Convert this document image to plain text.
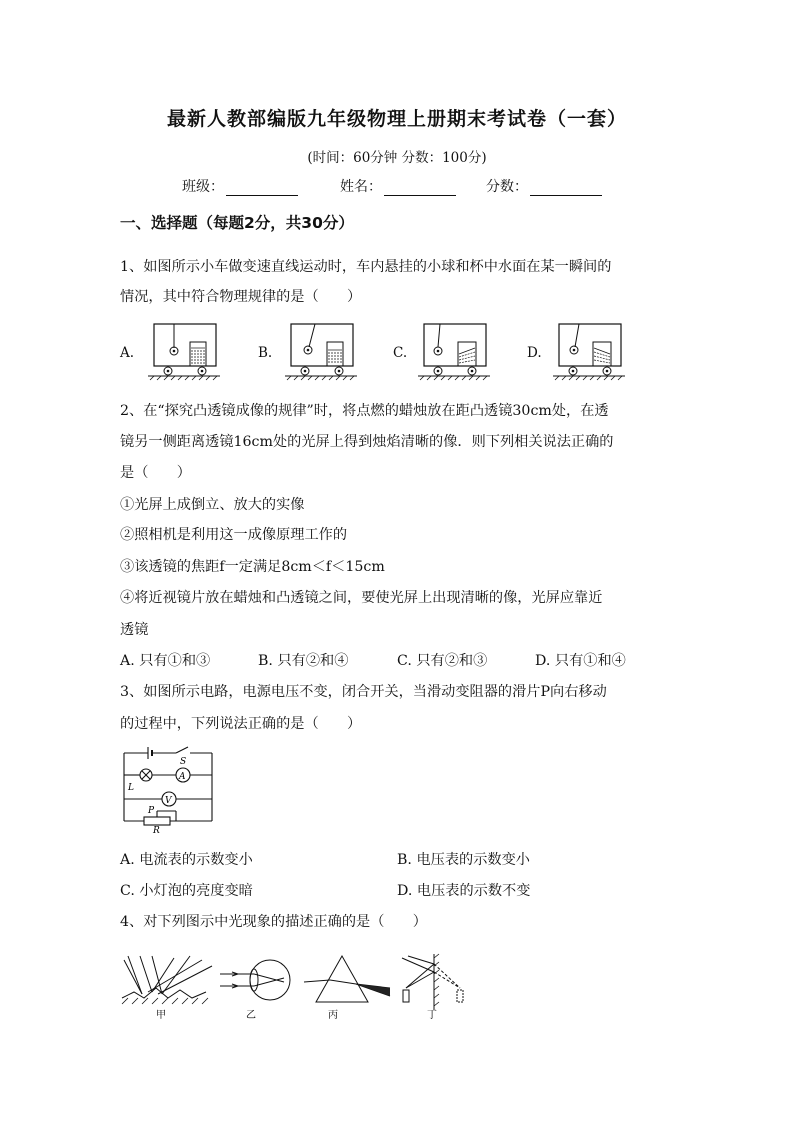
最新人教部编版九年级物理上册期末考试卷（一套）
(时间：60分钟 分数：100分)
班级：	姓名：	分数：
一、选择题（每题2分，共30分）
1、如图所示小车做变速直线运动时，车内悬挂的小球和杯中水面在某一瞬间的
情况，其中符合物理规律的是（　　）
A.	B.	C.	D.
2、在“探究凸透镜成像的规律”时，将点燃的蜡烛放在距凸透镜30cm处，在透
镜另一侧距离透镜16cm处的光屏上得到烛焰清晰的像．则下列相关说法正确的
是（　　）
①光屏上成倒立、放大的实像
②照相机是利用这一成像原理工作的
③该透镜的焦距f一定满足8cm＜f＜15cm
④将近视镜片放在蜡烛和凸透镜之间，要使光屏上出现清晰的像，光屏应靠近
透镜
A. 只有①和③	B. 只有②和④	C. 只有②和③	D. 只有①和④
3、如图所示电路，电源电压不变，闭合开关，当滑动变阻器的滑片P向右移动
的过程中，下列说法正确的是（　　）
S
A
V
L
P
R
A. 电流表的示数变小	B. 电压表的示数变小
C. 小灯泡的亮度变暗	D. 电压表的示数不变
4、对下列图示中光现象的描述正确的是（　　）
甲	乙	丙	丁
